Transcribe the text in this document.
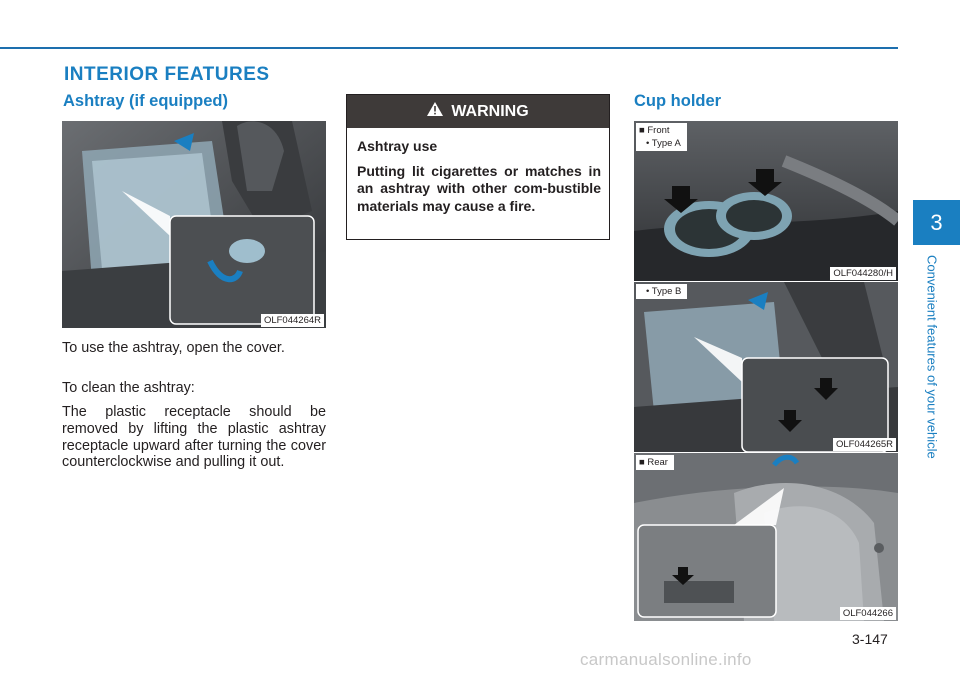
INTERIOR FEATURES
Ashtray (if equipped)
OLF044264R

To use the ashtray, open the cover.

To clean the ashtray:

The plastic receptacle should be removed by lifting the plastic ashtray receptacle upward after turning the cover counterclockwise and pulling it out.

WARNING
Ashtray use
Putting lit cigarettes or matches in an ashtray with other com-bustible materials may cause a fire.
Cup holder
■ Front
• Type A
OLF044280/H
• Type B
OLF044265R
■ Rear
OLF044266
3
Convenient features of your vehicle
3-147
carmanualsonline.info
